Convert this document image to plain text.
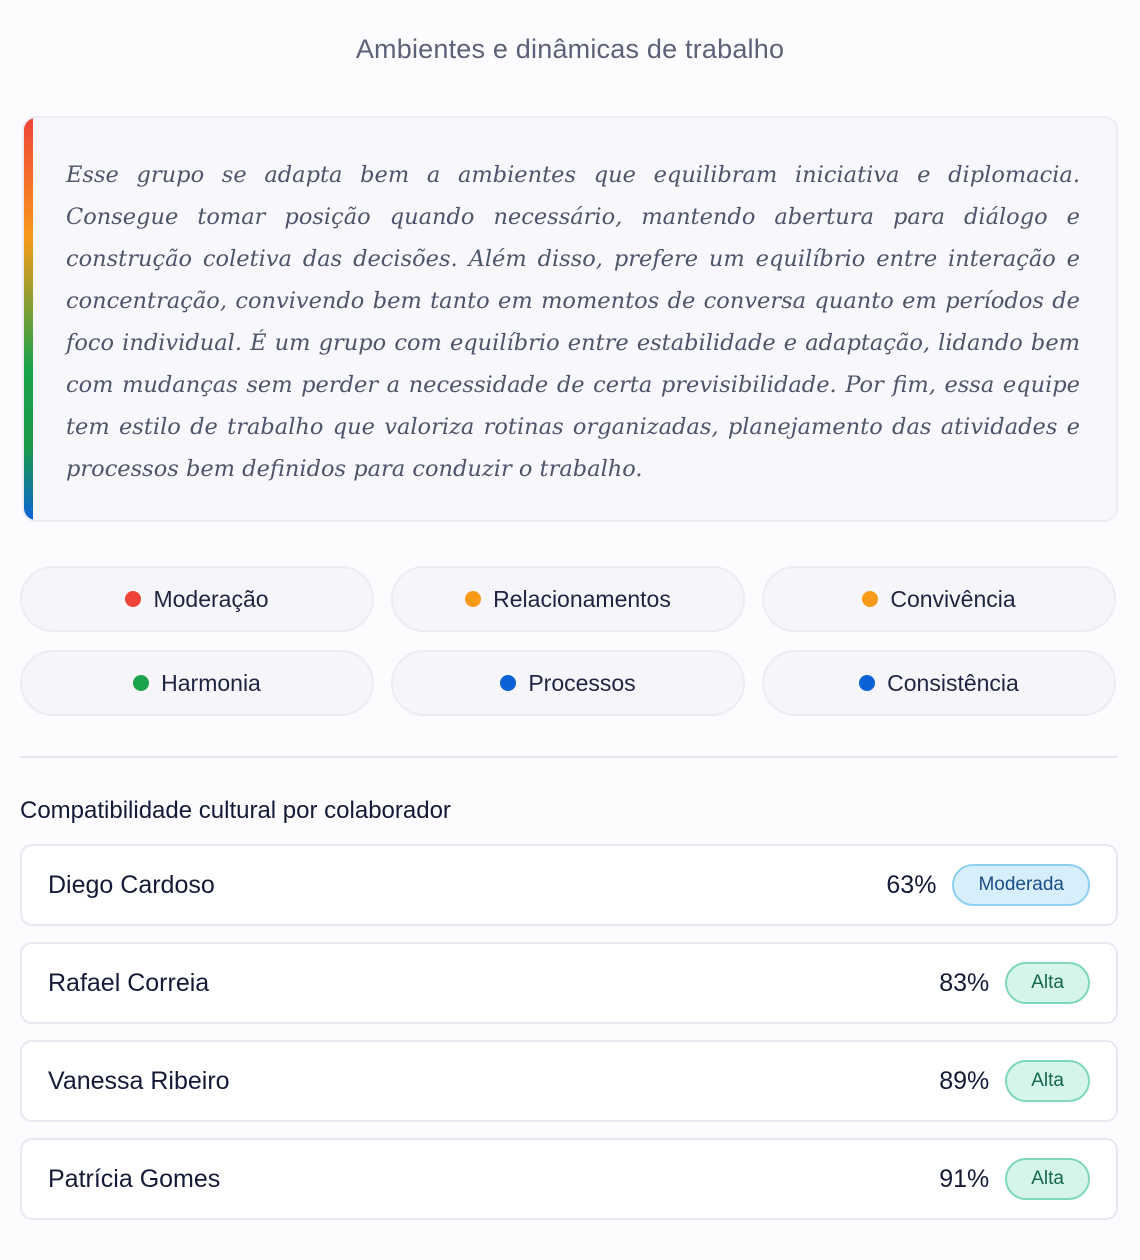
Ambientes e dinâmicas de trabalho

Esse grupo se adapta bem a ambientes que equilibram iniciativa e diplomacia. Consegue tomar posição quando necessário, mantendo abertura para diálogo e construção coletiva das decisões. Além disso, prefere um equilíbrio entre interação e concentração, convivendo bem tanto em momentos de conversa quanto em períodos de foco individual. É um grupo com equilíbrio entre estabilidade e adaptação, lidando bem com mudanças sem perder a necessidade de certa previsibilidade. Por fim, essa equipe tem estilo de trabalho que valoriza rotinas organizadas, planejamento das atividades e processos bem definidos para conduzir o trabalho.

Moderação	Relacionamentos	Convivência
Harmonia	Processos	Consistência
Compatibilidade cultural por colaborador
Diego Cardoso	63%	Moderada
Rafael Correia	83%	Alta
Vanessa Ribeiro	89%	Alta
Patrícia Gomes	91%	Alta
